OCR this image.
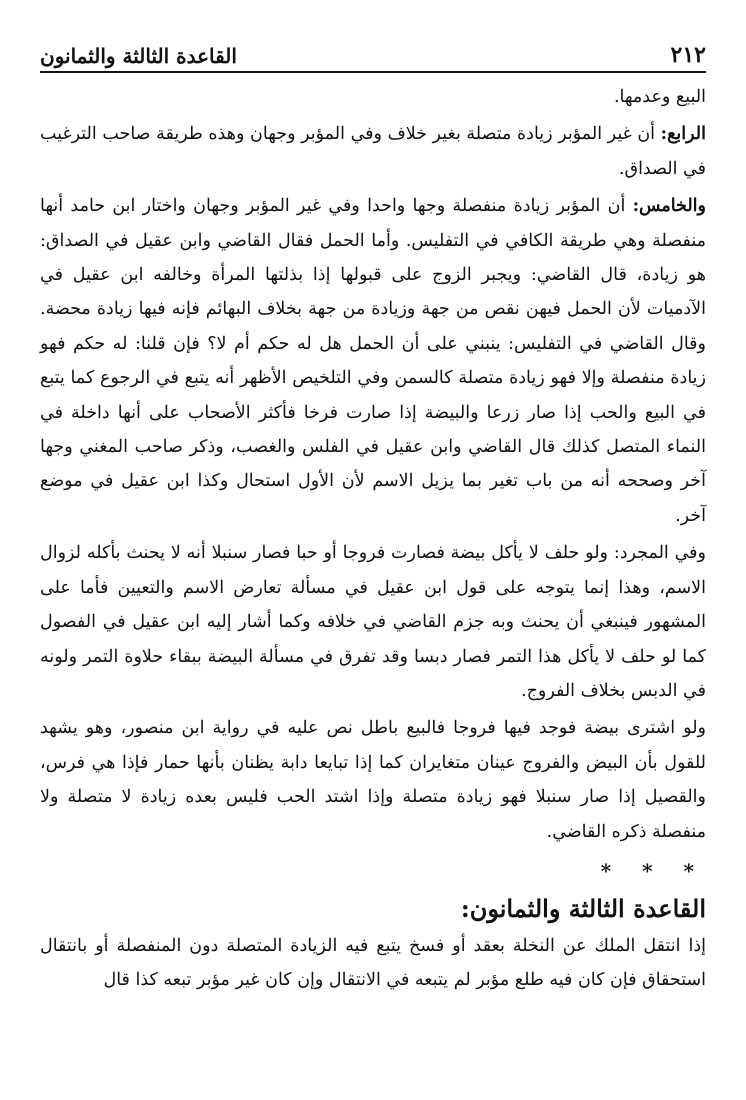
القاعدة الثالثة والثمانون	٢١٢

البيع وعدمها.

الرابع: أن غير المؤبر زيادة متصلة بغير خلاف وفي المؤبر وجهان وهذه طريقة صاحب الترغيب في الصداق.

والخامس: أن المؤبر زيادة منفصلة وجها واحدا وفي غير المؤبر وجهان واختار ابن حامد أنها منفصلة وهي طريقة الكافي في التفليس. وأما الحمل فقال القاضي وابن عقيل في الصداق: هو زيادة، قال القاضي: ويجبر الزوج على قبولها إذا بذلتها المرأة وخالفه ابن عقيل في الآدميات لأن الحمل فيهن نقص من جهة وزيادة من جهة بخلاف البهائم فإنه فيها زيادة محضة. وقال القاضي في التفليس: ينبني على أن الحمل هل له حكم أم لا؟ فإن قلنا: له حكم فهو زيادة منفصلة وإلا فهو زيادة متصلة كالسمن وفي التلخيص الأظهر أنه يتبع في الرجوع كما يتبع في البيع والحب إذا صار زرعا والبيضة إذا صارت فرخا فأكثر الأصحاب على أنها داخلة في النماء المتصل كذلك قال القاضي وابن عقيل في الفلس والغصب، وذكر صاحب المغني وجها آخر وصححه أنه من باب تغير بما يزيل الاسم لأن الأول استحال وكذا ابن عقيل في موضع آخر.

وفي المجرد: ولو حلف لا يأكل بيضة فصارت فروجا أو حبا فصار سنبلا أنه لا يحنث بأكله لزوال الاسم، وهذا إنما يتوجه على قول ابن عقيل في مسألة تعارض الاسم والتعيين فأما على المشهور فينبغي أن يحنث وبه جزم القاضي في خلافه وكما أشار إليه ابن عقيل في الفصول كما لو حلف لا يأكل هذا التمر فصار دبسا وقد تفرق في مسألة البيضة ببقاء حلاوة التمر ولونه في الدبس بخلاف الفروج.

ولو اشترى بيضة فوجد فيها فروجا فالبيع باطل نص عليه في رواية ابن منصور، وهو يشهد للقول بأن البيض والفروج عينان متغايران كما إذا تبايعا دابة يظنان بأنها حمار فإذا هي فرس، والقصيل إذا صار سنبلا فهو زيادة متصلة وإذا اشتد الحب فليس بعده زيادة لا متصلة ولا منفصلة ذكره القاضي.

* * *
القاعدة الثالثة والثمانون:

إذا انتقل الملك عن النخلة بعقد أو فسخ يتبع فيه الزيادة المتصلة دون المنفصلة أو بانتقال استحقاق فإن كان فيه طلع مؤبر لم يتبعه في الانتقال وإن كان غير مؤبر تبعه كذا قال
